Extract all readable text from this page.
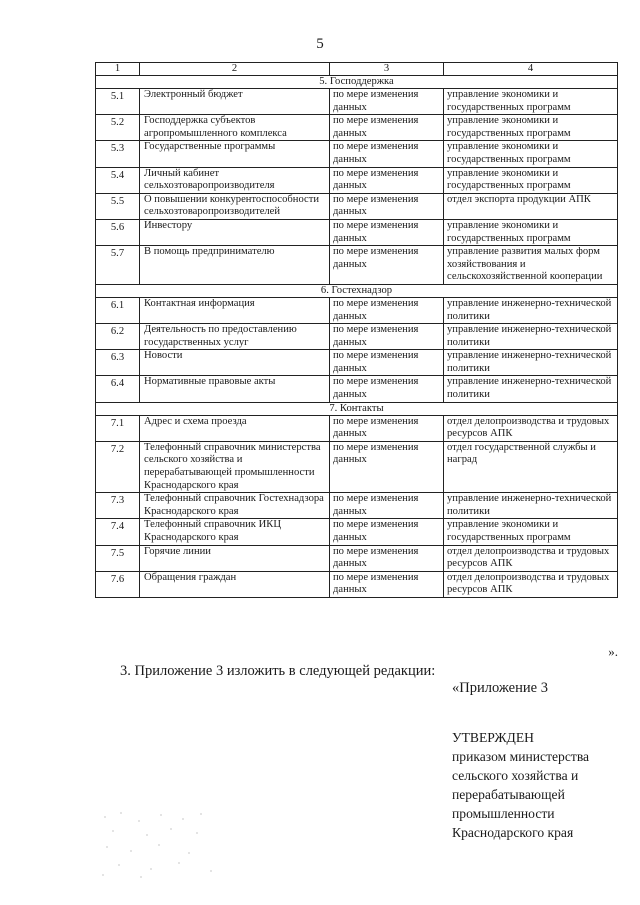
5
1	2	3	4
5. Господдержка			
5.1	Электронный бюджет	по мере изменения данных	управление экономики и государственных программ
5.2	Господдержка субъектов агропромышленного комплекса	по мере изменения данных	управление экономики и государственных программ
5.3	Государственные программы	по мере изменения данных	управление экономики и государственных программ
5.4	Личный кабинет сельхозтоваропроизводителя	по мере изменения данных	управление экономики и государственных программ
5.5	О повышении конкурентоспособности сельхозтоваропроизводителей	по мере изменения данных	отдел экспорта продукции АПК
5.6	Инвестору	по мере изменения данных	управление экономики и государственных программ
5.7	В помощь предпринимателю	по мере изменения данных	управление развития малых форм хозяйствования и сельскохозяйственной кооперации
6. Гостехнадзор			
6.1	Контактная информация	по мере изменения данных	управление инженерно-технической политики
6.2	Деятельность по предоставлению государственных услуг	по мере изменения данных	управление инженерно-технической политики
6.3	Новости	по мере изменения данных	управление инженерно-технической политики
6.4	Нормативные правовые акты	по мере изменения данных	управление инженерно-технической политики
7. Контакты			
7.1	Адрес и схема проезда	по мере изменения данных	отдел делопроизводства и трудовых ресурсов АПК
7.2	Телефонный справочник министерства сельского хозяйства и перерабатывающей промышленности Краснодарского края	по мере изменения данных	отдел государственной службы и наград
7.3	Телефонный справочник Гостехнадзора Краснодарского края	по мере изменения данных	управление инженерно-технической политики
7.4	Телефонный справочник ИКЦ Краснодарского края	по мере изменения данных	управление экономики и государственных программ
7.5	Горячие линии	по мере изменения данных	отдел делопроизводства и трудовых ресурсов АПК
7.6	Обращения граждан	по мере изменения данных	отдел делопроизводства и трудовых ресурсов АПК
».
3. Приложение 3 изложить в следующей редакции:
«Приложение 3
УТВЕРЖДЕН
приказом министерства
сельского хозяйства и
перерабатывающей
промышленности
Краснодарского края
